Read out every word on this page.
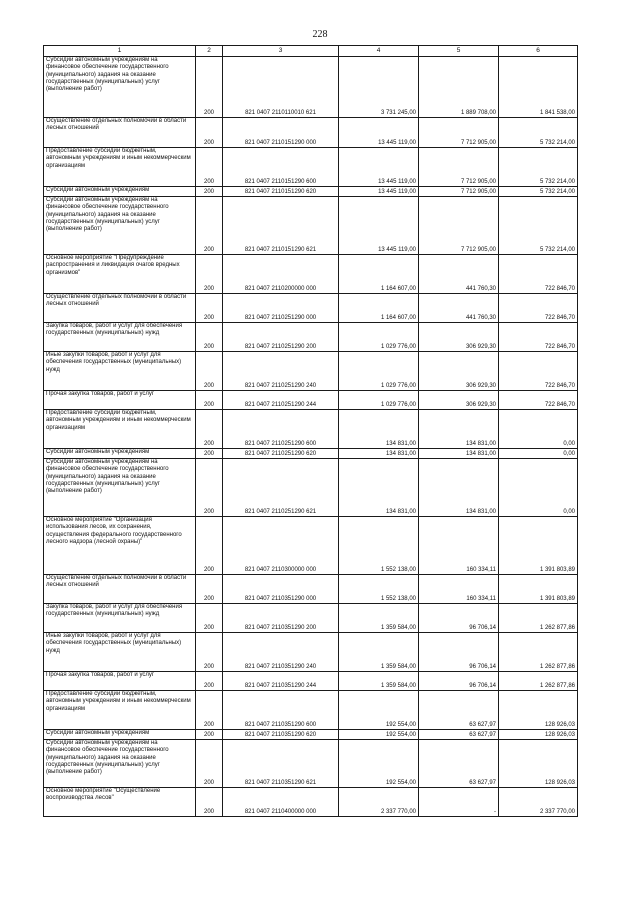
228
1	2	3	4	5	6
Субсидии автономным учреждениям на финансовое обеспечение государственного (муниципального) задания на оказание государственных (муниципальных) услуг (выполнение работ)	200	821 0407 2110110010 621	3 731 245,00	1 889 708,00	1 841 538,00
Осуществление отдельных полномочий в области лесных отношений	200	821 0407 2110151290 000	13 445 119,00	7 712 905,00	5 732 214,00
Предоставление субсидий бюджетным, автономным учреждениям и иным некоммерческим организациям	200	821 0407 2110151290 600	13 445 119,00	7 712 905,00	5 732 214,00
Субсидии автономным учреждениям	200	821 0407 2110151290 620	13 445 119,00	7 712 905,00	5 732 214,00
Субсидии автономным учреждениям на финансовое обеспечение государственного (муниципального) задания на оказание государственных (муниципальных) услуг (выполнение работ)	200	821 0407 2110151290 621	13 445 119,00	7 712 905,00	5 732 214,00
Основное мероприятие "Предупреждение распространения и ликвидация очагов вредных организмов"	200	821 0407 2110200000 000	1 164 607,00	441 760,30	722 846,70
Осуществление отдельных полномочий в области лесных отношений	200	821 0407 2110251290 000	1 164 607,00	441 760,30	722 846,70
Закупка товаров, работ и услуг для обеспечения государственных (муниципальных) нужд	200	821 0407 2110251290 200	1 029 776,00	306 929,30	722 846,70
Иные закупки товаров, работ и услуг для обеспечения государственных (муниципальных) нужд	200	821 0407 2110251290 240	1 029 776,00	306 929,30	722 846,70
Прочая закупка товаров, работ и услуг	200	821 0407 2110251290 244	1 029 776,00	306 929,30	722 846,70
Предоставление субсидий бюджетным, автономным учреждениям и иным некоммерческим организациям	200	821 0407 2110251290 600	134 831,00	134 831,00	0,00
Субсидии автономным учреждениям	200	821 0407 2110251290 620	134 831,00	134 831,00	0,00
Субсидии автономным учреждениям на финансовое обеспечение государственного (муниципального) задания на оказание государственных (муниципальных) услуг (выполнение работ)	200	821 0407 2110251290 621	134 831,00	134 831,00	0,00
Основное мероприятие "Организация использования лесов, их сохранения, осуществления федерального государственного лесного надзора (лесной охраны)"	200	821 0407 2110300000 000	1 552 138,00	160 334,11	1 391 803,89
Осуществление отдельных полномочий в области лесных отношений	200	821 0407 2110351290 000	1 552 138,00	160 334,11	1 391 803,89
Закупка товаров, работ и услуг для обеспечения государственных (муниципальных) нужд	200	821 0407 2110351290 200	1 359 584,00	96 706,14	1 262 877,86
Иные закупки товаров, работ и услуг для обеспечения государственных (муниципальных) нужд	200	821 0407 2110351290 240	1 359 584,00	96 706,14	1 262 877,86
Прочая закупка товаров, работ и услуг	200	821 0407 2110351290 244	1 359 584,00	96 706,14	1 262 877,86
Предоставление субсидий бюджетным, автономным учреждениям и иным некоммерческим организациям	200	821 0407 2110351290 600	192 554,00	63 627,97	128 926,03
Субсидии автономным учреждениям	200	821 0407 2110351290 620	192 554,00	63 627,97	128 926,03
Субсидии автономным учреждениям на финансовое обеспечение государственного (муниципального) задания на оказание государственных (муниципальных) услуг (выполнение работ)	200	821 0407 2110351290 621	192 554,00	63 627,97	128 926,03
Основное мероприятие "Осуществление воспроизводства лесов"	200	821 0407 2110400000 000	2 337 770,00	-	2 337 770,00
